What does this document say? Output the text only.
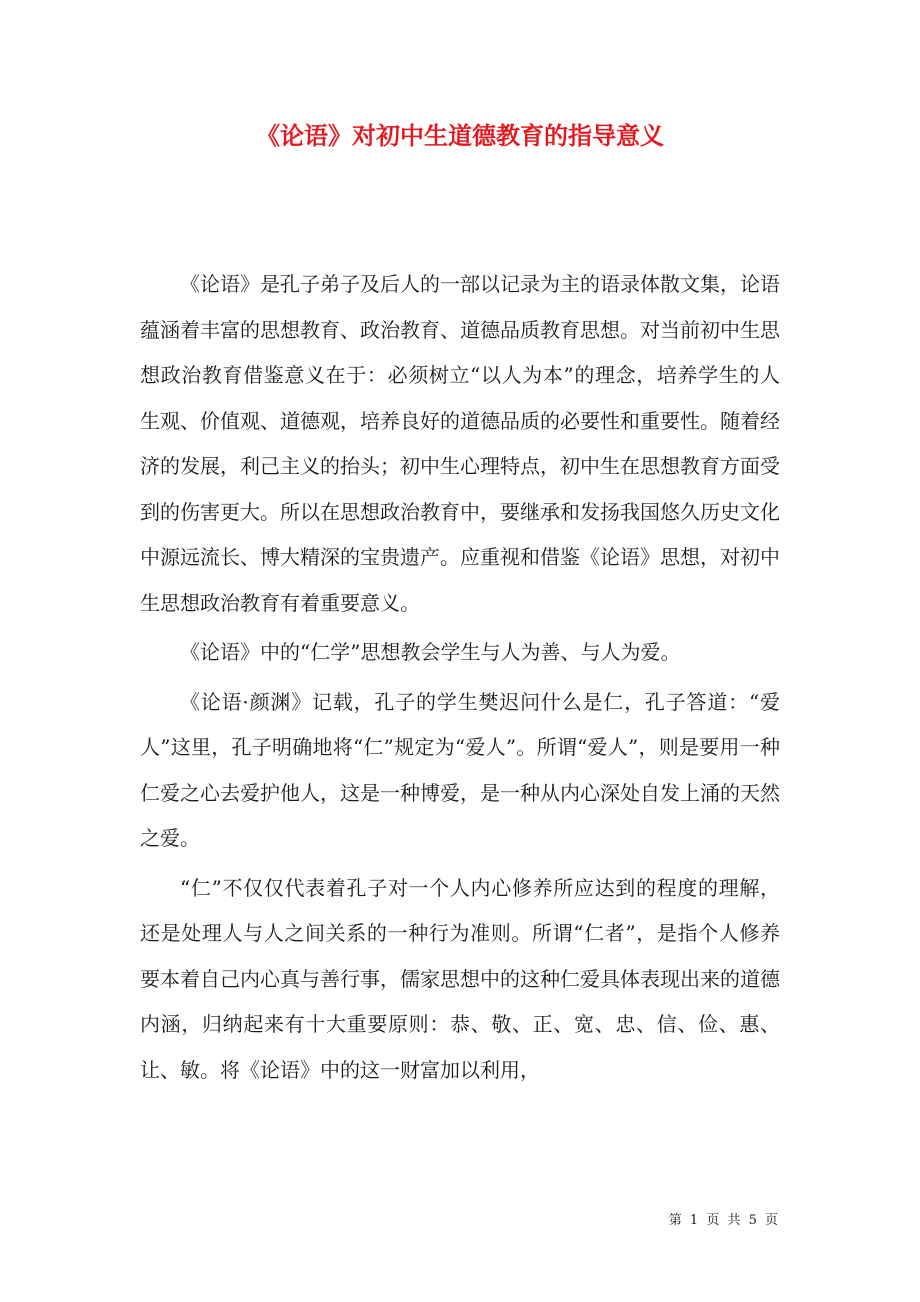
《论语》对初中生道德教育的指导意义

《论语》是孔子弟子及后人的一部以记录为主的语录体散文集，论语蕴涵着丰富的思想教育、政治教育、道德品质教育思想。对当前初中生思想政治教育借鉴意义在于：必须树立“以人为本”的理念，培养学生的人生观、价值观、道德观，培养良好的道德品质的必要性和重要性。随着经济的发展，利己主义的抬头；初中生心理特点，初中生在思想教育方面受到的伤害更大。所以在思想政治教育中，要继承和发扬我国悠久历史文化中源远流长、博大精深的宝贵遗产。应重视和借鉴《论语》思想，对初中生思想政治教育有着重要意义。

《论语》中的“仁学”思想教会学生与人为善、与人为爱。

《论语·颜渊》记载，孔子的学生樊迟问什么是仁，孔子答道：“爱人”这里，孔子明确地将“仁”规定为“爱人”。所谓“爱人”，则是要用一种仁爱之心去爱护他人，这是一种博爱，是一种从内心深处自发上涌的天然之爱。

“仁”不仅仅代表着孔子对一个人内心修养所应达到的程度的理解，还是处理人与人之间关系的一种行为准则。所谓“仁者”，是指个人修养要本着自己内心真与善行事，儒家思想中的这种仁爱具体表现出来的道德内涵，归纳起来有十大重要原则：恭、敬、正、宽、忠、信、俭、惠、让、敏。将《论语》中的这一财富加以利用，

第 1 页 共 5 页
